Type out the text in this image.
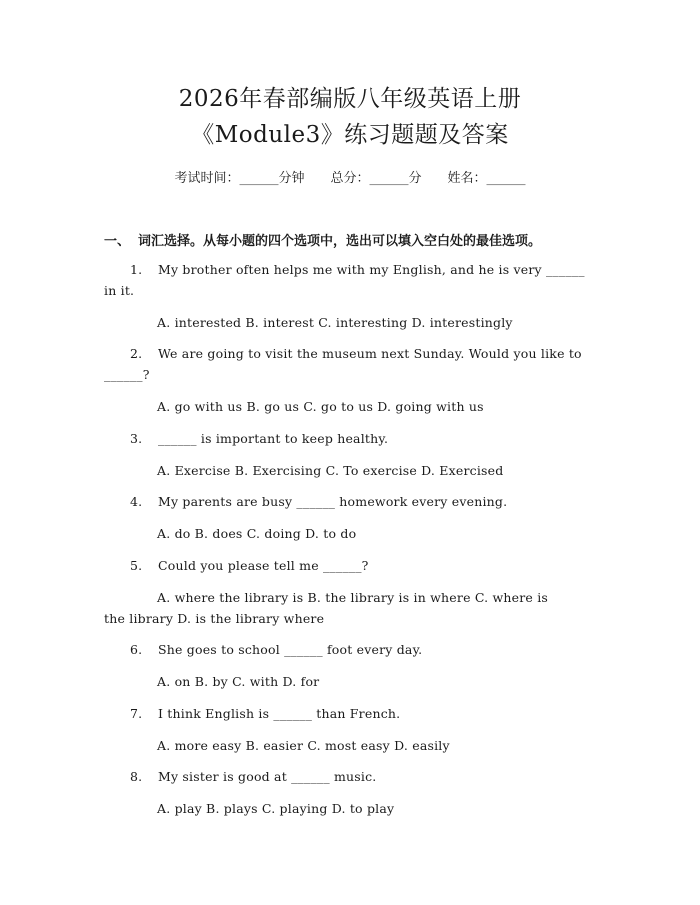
2026年春部编版八年级英语上册
《Module3》练习题题及答案
考试时间：______分钟 总分：______分 姓名：______
一、 词汇选择。从每小题的四个选项中，选出可以填入空白处的最佳选项。
1. My brother often helps me with my English, and he is very ______
in it.
A. interested B. interest C. interesting D. interestingly
2. We are going to visit the museum next Sunday. Would you like to
______?
A. go with us B. go us C. go to us D. going with us
3. ______ is important to keep healthy.
A. Exercise B. Exercising C. To exercise D. Exercised
4. My parents are busy ______ homework every evening.
A. do B. does C. doing D. to do
5. Could you please tell me ______?
A. where the library is B. the library is in where C. where is
the library D. is the library where
6. She goes to school ______ foot every day.
A. on B. by C. with D. for
7. I think English is ______ than French.
A. more easy B. easier C. most easy D. easily
8. My sister is good at ______ music.
A. play B. plays C. playing D. to play
